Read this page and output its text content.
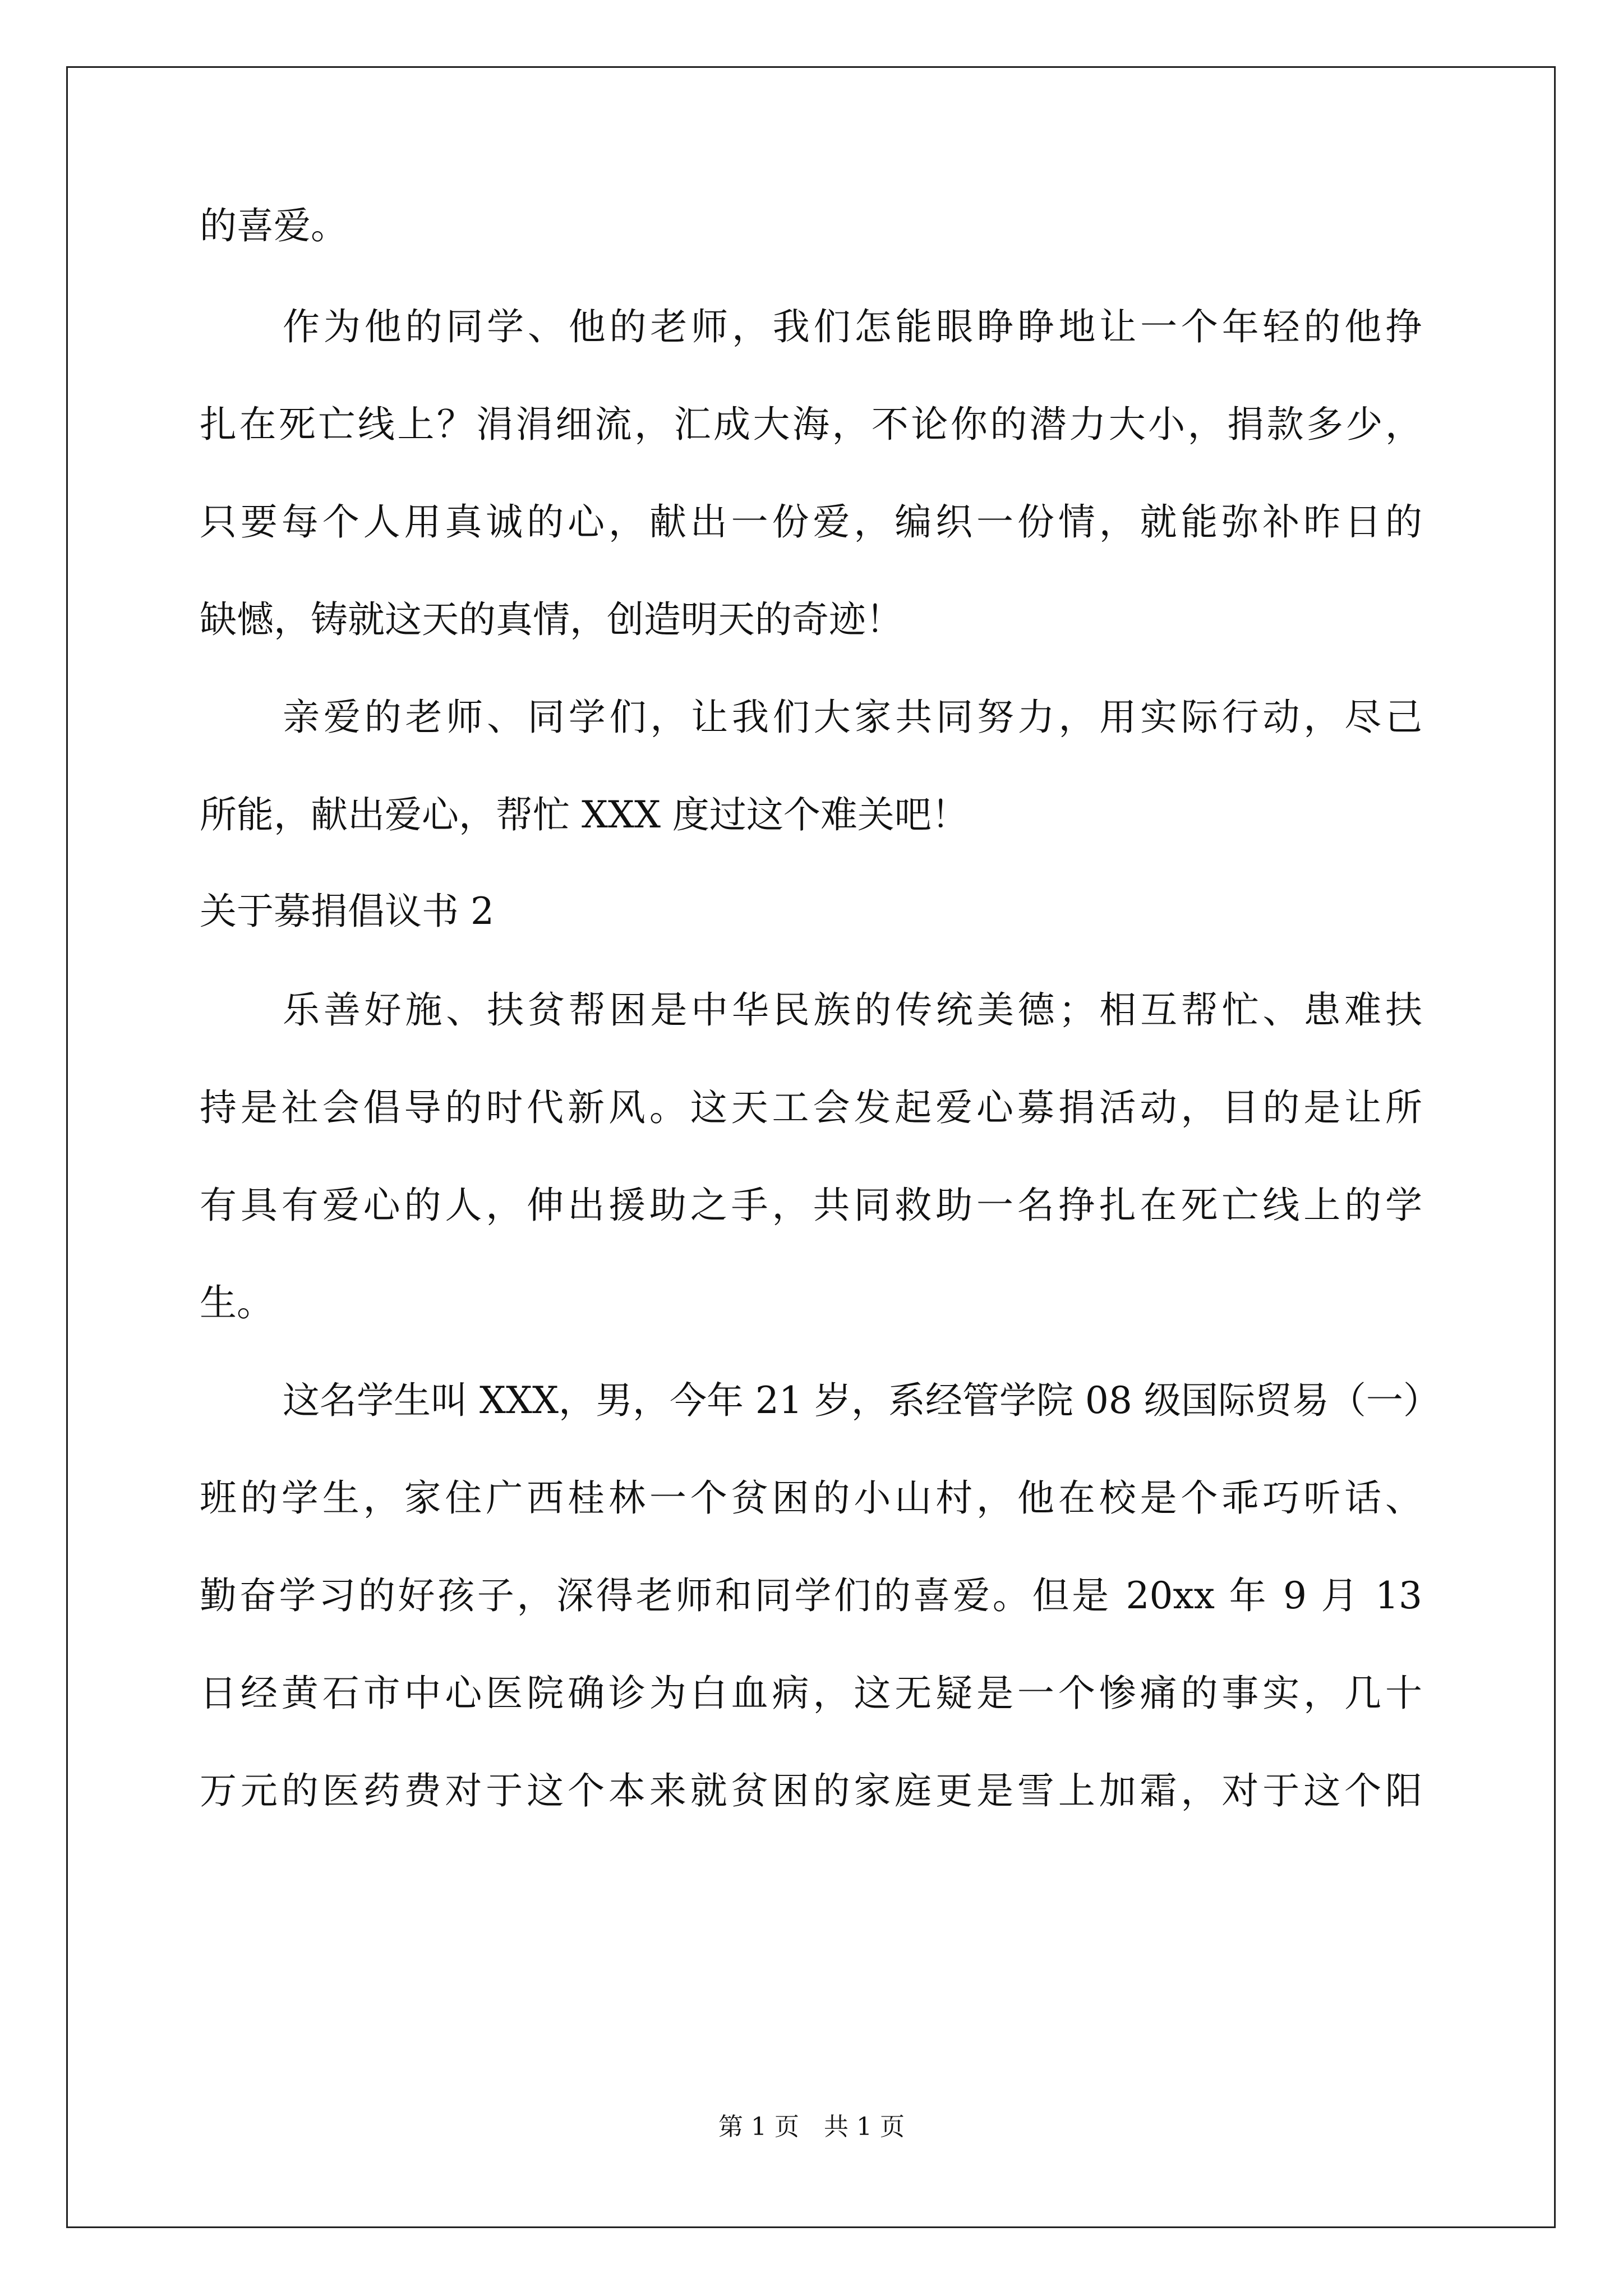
的喜爱。
作为他的同学、他的老师，我们怎能眼睁睁地让一个年轻的他挣
扎在死亡线上？涓涓细流，汇成大海，不论你的潜力大小，捐款多少，
只要每个人用真诚的心，献出一份爱，编织一份情，就能弥补昨日的
缺憾，铸就这天的真情，创造明天的奇迹！
亲爱的老师、同学们，让我们大家共同努力，用实际行动，尽己
所能，献出爱心，帮忙 XXX 度过这个难关吧！
关于募捐倡议书 2
乐善好施、扶贫帮困是中华民族的传统美德；相互帮忙、患难扶
持是社会倡导的时代新风。这天工会发起爱心募捐活动，目的是让所
有具有爱心的人，伸出援助之手，共同救助一名挣扎在死亡线上的学
生。
这名学生叫 XXX，男，今年 21 岁，系经管学院 08 级国际贸易（一）
班的学生，家住广西桂林一个贫困的小山村，他在校是个乖巧听话、
勤奋学习的好孩子，深得老师和同学们的喜爱。但是 20xx 年 9 月 13
日经黄石市中心医院确诊为白血病，这无疑是一个惨痛的事实，几十
万元的医药费对于这个本来就贫困的家庭更是雪上加霜，对于这个阳
第 1 页　共 1 页
